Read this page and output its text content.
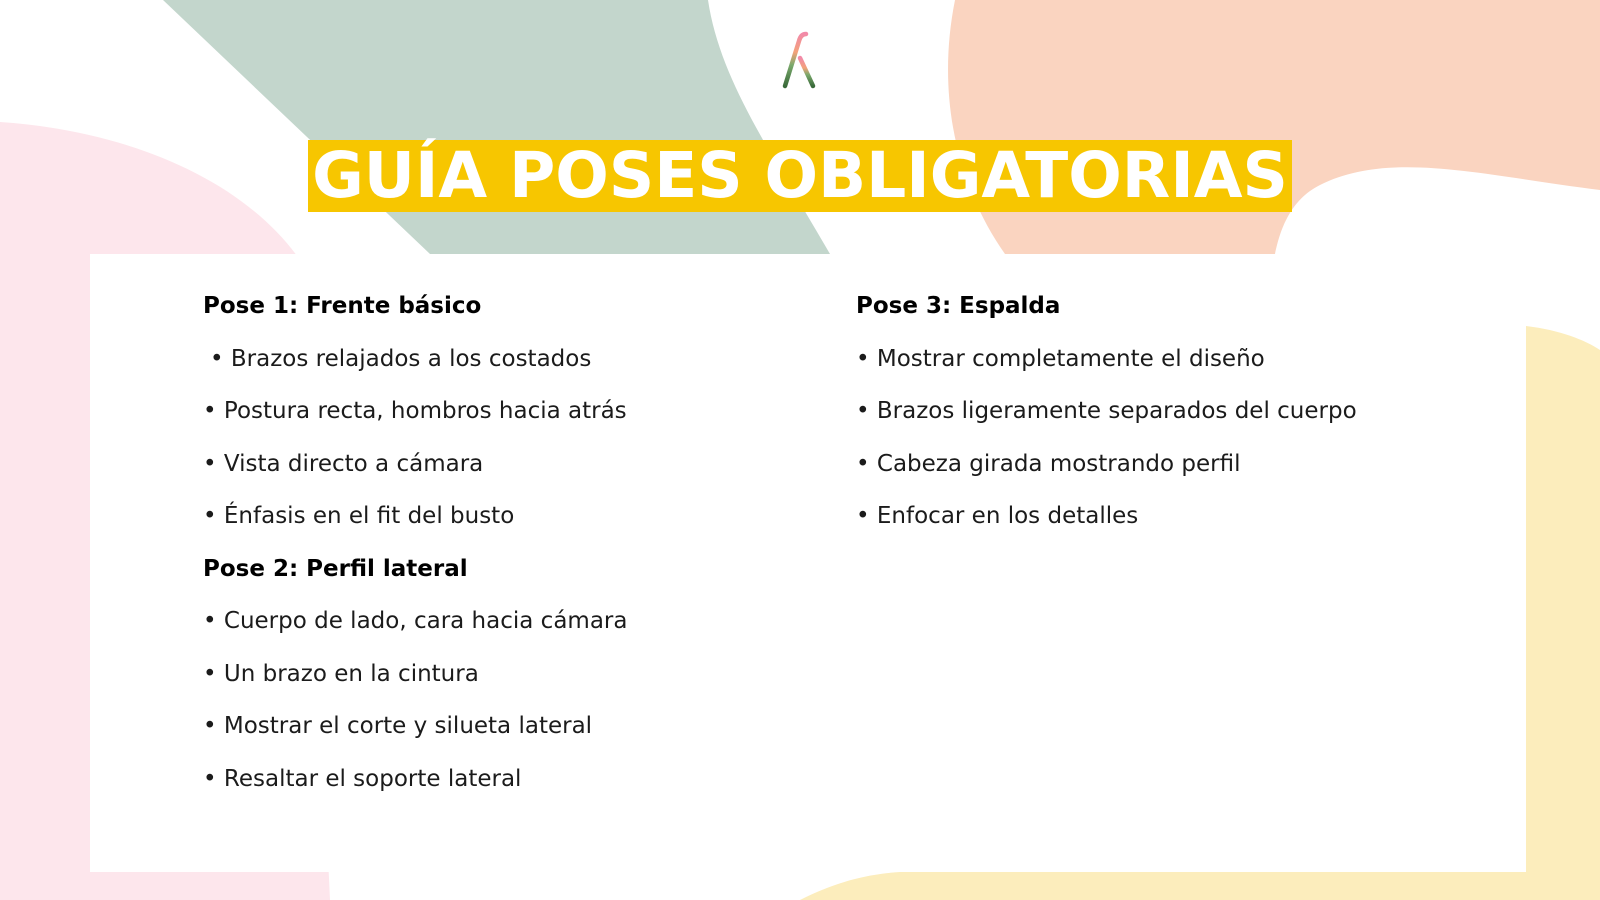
GUÍA POSES OBLIGATORIAS
Pose 1: Frente básico
• Brazos relajados a los costados
• Postura recta, hombros hacia atrás
• Vista directo a cámara
• Énfasis en el fit del busto
Pose 2: Perfil lateral
• Cuerpo de lado, cara hacia cámara
• Un brazo en la cintura
• Mostrar el corte y silueta lateral
• Resaltar el soporte lateral
Pose 3: Espalda
• Mostrar completamente el diseño
• Brazos ligeramente separados del cuerpo
• Cabeza girada mostrando perfil
• Enfocar en los detalles
